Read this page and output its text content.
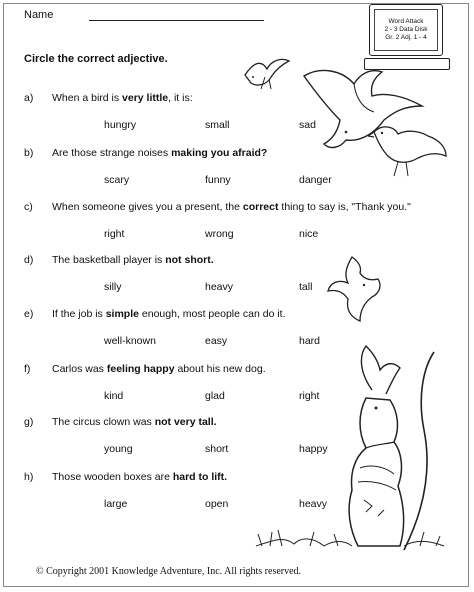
Name
Circle the correct adjective.
Word Attack
2 - 3 Data Disk
Gr. 2 Adj. 1 - 4
a) When a bird is very little, it is:
hungry	small	sad
b) Are those strange noises making you afraid?
scary	funny	danger
c) When someone gives you a present, the correct thing to say is, "Thank you."
right	wrong	nice
d) The basketball player is not short.
silly	heavy	tall
e) If the job is simple enough, most people can do it.
well-known	easy	hard
f) Carlos was feeling happy about his new dog.
kind	glad	right
g) The circus clown was not very tall.
young	short	happy
h) Those wooden boxes are hard to lift.
large	open	heavy
© Copyright 2001 Knowledge Adventure, Inc. All rights reserved.
